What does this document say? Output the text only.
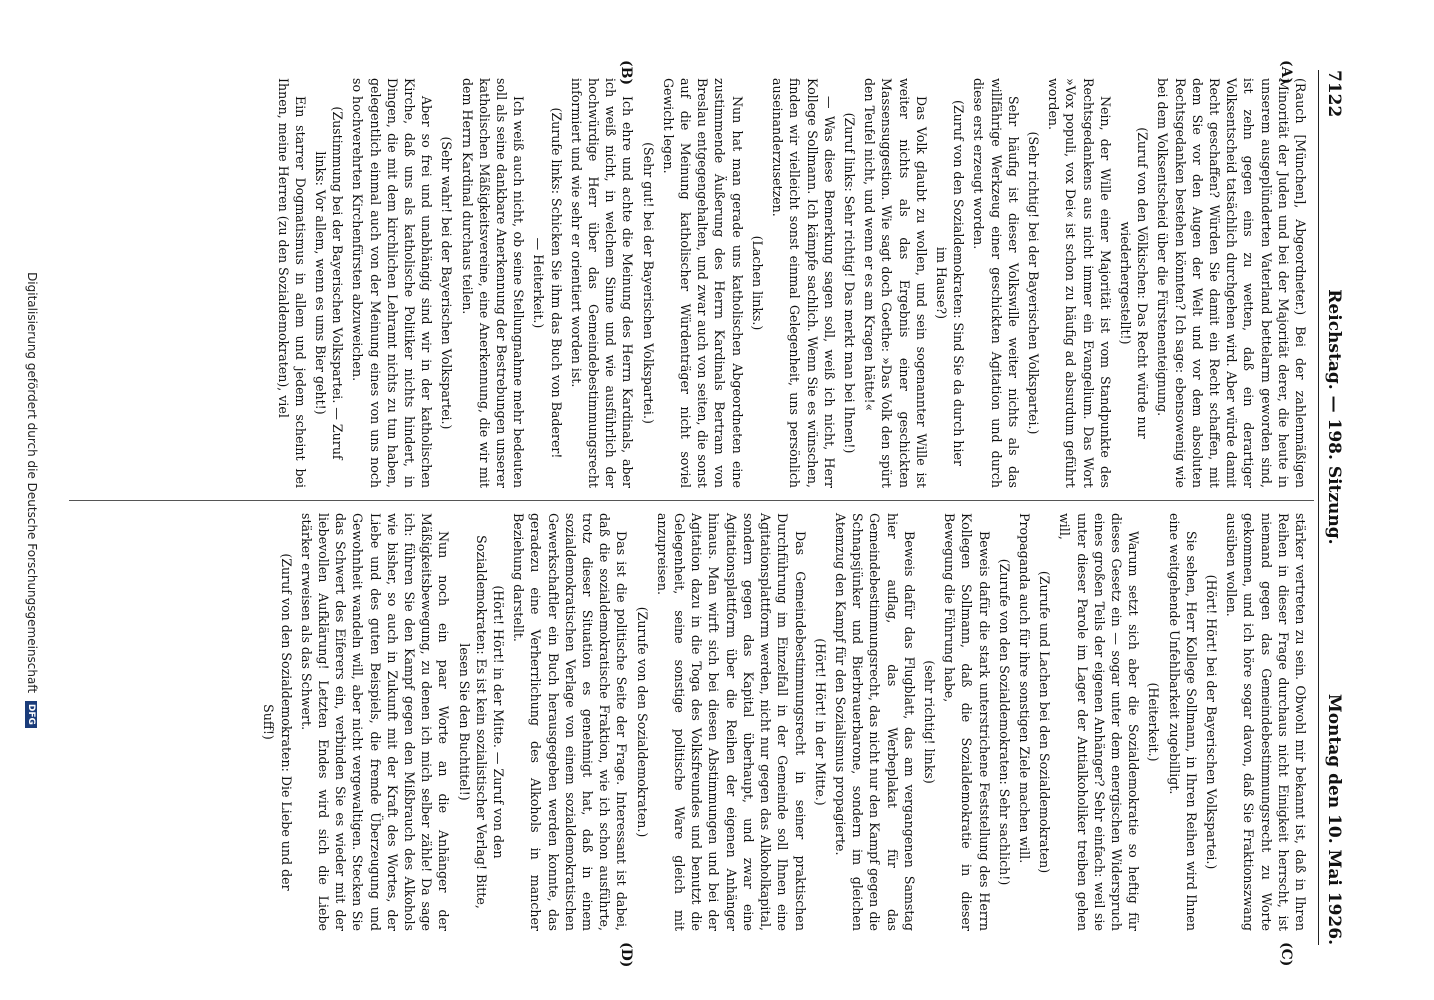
7122
Reichstag. — 198. Sitzung.
Montag den 10. Mai 1926.
(A)
(B)
(C)
(D)

(Rauch [München], Abgeordneter.) Bei der zahlenmäßigen Minorität der Juden und bei der Majorität derer, die heute in unserem ausgeplünderten Vaterland bettelarm geworden sind, ist zehn gegen eins zu wetten, daß ein derartiger Volksentscheid tatsächlich durchgehen wird. Aber würde damit Recht geschaffen? Würden Sie damit ein Recht schaffen, mit dem Sie vor den Augen der Welt und vor dem absoluten Rechtsgedanken bestehen könnten? Ich sage: ebensowenig wie bei dem Volksentscheid über die Fürstenenteignung.

(Zuruf von den Völkischen: Das Recht würde nur wiederhergestellt!)

Nein, der Wille einer Majorität ist vom Standpunkte des Rechtsgedankens aus nicht immer ein Evangelium. Das Wort »Vox populi, vox Dei« ist schon zu häufig ad absurdum geführt worden.

(Sehr richtig! bei der Bayerischen Volkspartei.)

Sehr häufig ist dieser Volkswille weiter nichts als das willfährige Werkzeug einer geschickten Agitation und durch diese erst erzeugt worden.

(Zuruf von den Sozialdemokraten: Sind Sie da durch hier im Hause?)

Das Volk glaubt zu wollen, und sein sogenannter Wille ist weiter nichts als das Ergebnis einer geschickten Massensuggestion. Wie sagt doch Goethe: »Das Volk den spürt den Teufel nicht, und wenn er es am Kragen hätte!«

(Zuruf links: Sehr richtig! Das merkt man bei Ihnen!)

— Was diese Bemerkung sagen soll, weiß ich nicht, Herr Kollege Sollmann. Ich kämpfe sachlich. Wenn Sie es wünschen, finden wir vielleicht sonst einmal Gelegenheit, uns persönlich auseinanderzusetzen.

(Lachen links.)

Nun hat man gerade uns katholischen Abgeordneten eine zustimmende Äußerung des Herrn Kardinals Bertram von Breslau entgegengehalten, und zwar auch von seiten, die sonst auf die Meinung katholischer Würdenträger nicht soviel Gewicht legen.

(Sehr gut! bei der Bayerischen Volkspartei.)

Ich ehre und achte die Meinung des Herrn Kardinals, aber ich weiß nicht, in welchem Sinne und wie ausführlich der hochwürdige Herr über das Gemeindebestimmungsrecht informiert und wie sehr er orientiert worden ist.

(Zurufe links: Schicken Sie ihm das Buch von Baderer! — Heiterkeit.)

Ich weiß auch nicht, ob seine Stellungnahme mehr bedeuten soll als seine dankbare Anerkennung der Bestrebungen unserer katholischen Mäßigkeitsvereine, eine Anerkennung, die wir mit dem Herrn Kardinal durchaus teilen.

(Sehr wahr! bei der Bayerischen Volkspartei.)

Aber so frei und unabhängig sind wir in der katholischen Kirche, daß uns als katholische Politiker nichts hindert, in Dingen, die mit dem kirchlichen Lehramt nichts zu tun haben, gelegentlich einmal auch von der Meinung eines von uns noch so hochverehrten Kirchenfürsten abzuweichen.

(Zustimmung bei der Bayerischen Volkspartei. — Zuruf links: Vor allem, wenn es ums Bier geht!)

Ein starrer Dogmatismus in allem und jedem scheint bei Ihnen, meine Herren (zu den Sozialdemokraten), viel

stärker vertreten zu sein. Obwohl mir bekannt ist, daß in Ihren Reihen in dieser Frage durchaus nicht Einigkeit herrscht, ist niemand gegen das Gemeindebestimmungsrecht zu Worte gekommen, und ich höre sogar davon, daß Sie Fraktionszwang ausüben wollen.

(Hört! Hört! bei der Bayerischen Volkspartei.)

Sie sehen, Herr Kollege Sollmann, in Ihren Reihen wird Ihnen eine weitgehende Unfehlbarkeit zugebilligt.

(Heiterkeit.)

Warum setzt sich aber die Sozialdemokratie so heftig für dieses Gesetz ein — sogar unter dem energischen Widerspruch eines großen Teils der eigenen Anhänger? Sehr einfach: weil sie unter dieser Parole im Lager der Antialkoholiker treiben gehen will,

(Zurufe und Lachen bei den Sozialdemokraten)

Propaganda auch für ihre sonstigen Ziele machen will.

(Zurufe von den Sozialdemokraten: Sehr sachlich!)

Beweis dafür die stark unterstrichene Feststellung des Herrn Kollegen Sollmann, daß die Sozialdemokratie in dieser Bewegung die Führung habe,

(sehr richtig! links)

Beweis dafür das Flugblatt, das am vergangenen Samstag hier auflag, das Werbeplakat für das Gemeindebestimmungsrecht, das nicht nur den Kampf gegen die Schnapsjünker und Bierbrauerbarone, sondern im gleichen Atemzug den Kampf für den Sozialismus propagierte.

(Hört! Hört! in der Mitte.)

Das Gemeindebestimmungsrecht in seiner praktischen Durchführung im Einzelfall in der Gemeinde soll Ihnen eine Agitationsplattform werden, nicht nur gegen das Alkoholkapital, sondern gegen das Kapital überhaupt, und zwar eine Agitationsplattform über die Reihen der eigenen Anhänger hinaus. Man wirft sich bei diesen Abstimmungen und bei der Agitation dazu in die Toga des Volksfreundes und benutzt die Gelegenheit, seine sonstige politische Ware gleich mit anzupreisen.

(Zurufe von den Sozialdemokraten.)

Das ist die politische Seite der Frage. Interessant ist dabei, daß die sozialdemokratische Fraktion, wie ich schon ausführte, trotz dieser Situation es genehmigt hat, daß in einem sozialdemokratischen Verlage von einem sozialdemokratischen Gewerkschaftler ein Buch herausgegeben werden konnte, das geradezu eine Verherrlichung des Alkohols in mancher Beziehung darstellt.

(Hört! Hört! in der Mitte. — Zuruf von den Sozialdemokraten: Es ist kein sozialistischer Verlag! Bitte, lesen Sie den Buchtitel!)

Nun noch ein paar Worte an die Anhänger der Mäßigkeitsbewegung, zu denen ich mich selber zähle! Da sage ich: führen Sie den Kampf gegen den Mißbrauch des Alkohols wie bisher, so auch in Zukunft mit der Kraft des Wortes, der Liebe und des guten Beispiels, die fremde Überzeugung und Gewohnheit wandeln will, aber nicht vergewaltigen. Stecken Sie das Schwert des Eiferers ein, verbinden Sie es wieder mit der liebevollen Aufklärung! Letzten Endes wird sich die Liebe stärker erweisen als das Schwert.

(Zuruf von den Sozialdemokraten: Die Liebe und der Suff!)

Digitalisierung gefördert durch die Deutsche Forschungsgemeinschaft DFG
